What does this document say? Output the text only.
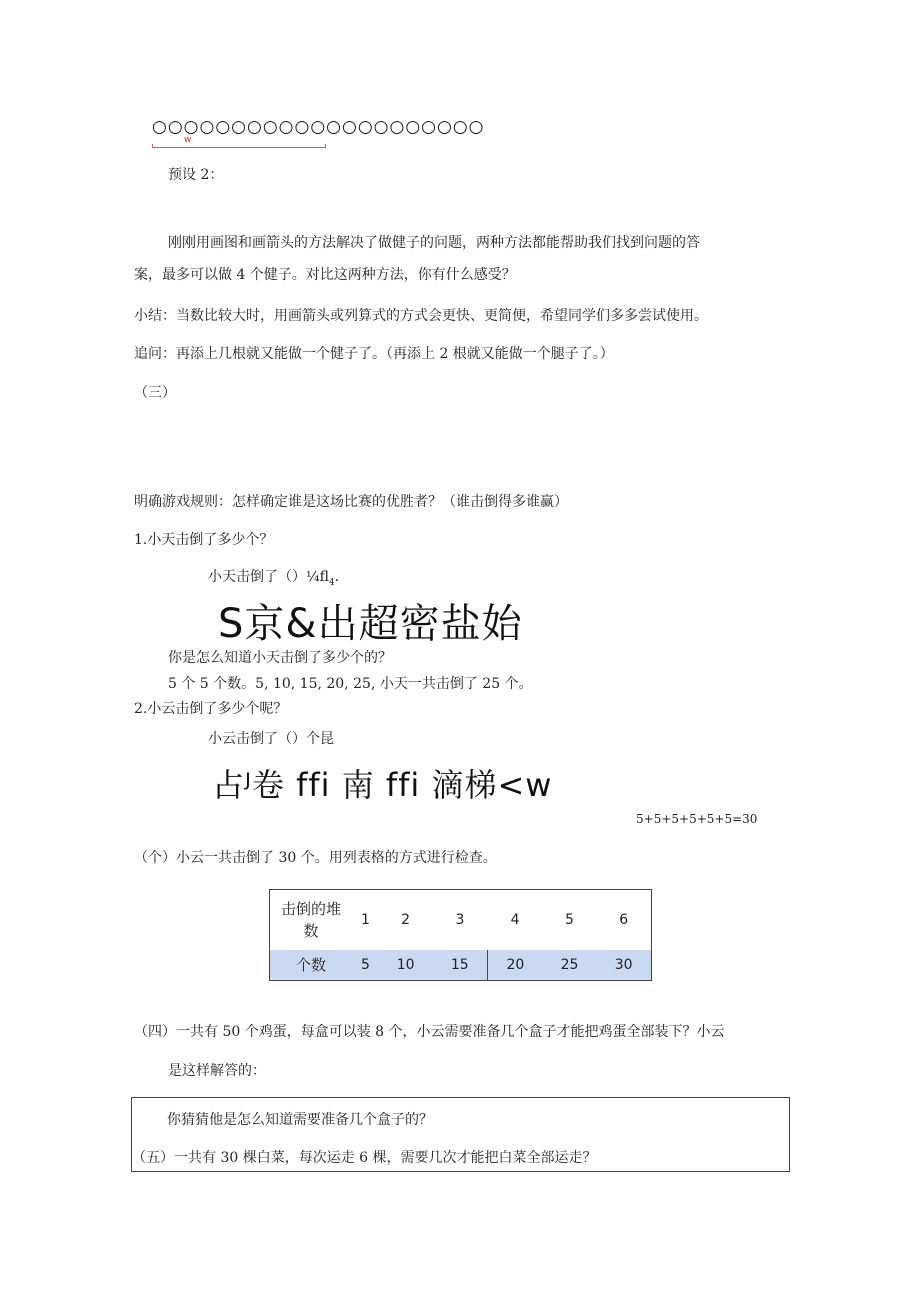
○○○○○○○○○○○○○○○○○○○○○
w
预设 2：
刚刚用画图和画箭头的方法解决了做健子的问题，两种方法都能帮助我们找到问题的答
案，最多可以做 4 个健子。对比这两种方法，你有什么感受？
小结：当数比较大时，用画箭头或列算式的方式会更快、更简便，希望同学们多多尝试使用。
追问：再添上几根就又能做一个健子了。（再添上 2 根就又能做一个腿子了。）
（三）
明确游戏规则：怎样确定谁是这场比赛的优胜者？（谁击倒得多谁赢）
1.小天击倒了多少个？
小天击倒了$()\frac{1}{4}fl_4$.
S京&出超密盐始
你是怎么知道小天击倒了多少个的？
5 个 5 个数。5, 10, 15, 20, 25, 小天一共击倒了 25 个。
2.小云击倒了多少个呢？
小云击倒了（）个昆
占ᴶ卷 ffi 南 ffi 滴梯<w
5+5+5+5+5+5=30
（个）小云一共击倒了 30 个。用列表格的方式进行检查。
击倒的堆
数	1	2	3	4	5	6
个数	5	10	15	20	25	30
（四）一共有 50 个鸡蛋，每盒可以装 8 个，小云需要准备几个盒子才能把鸡蛋全部装下？小云
是这样解答的：
你猜猜他是怎么知道需要准备几个盒子的？
（五）一共有 30 棵白菜，每次运走 6 棵，需要几次才能把白菜全部运走？
